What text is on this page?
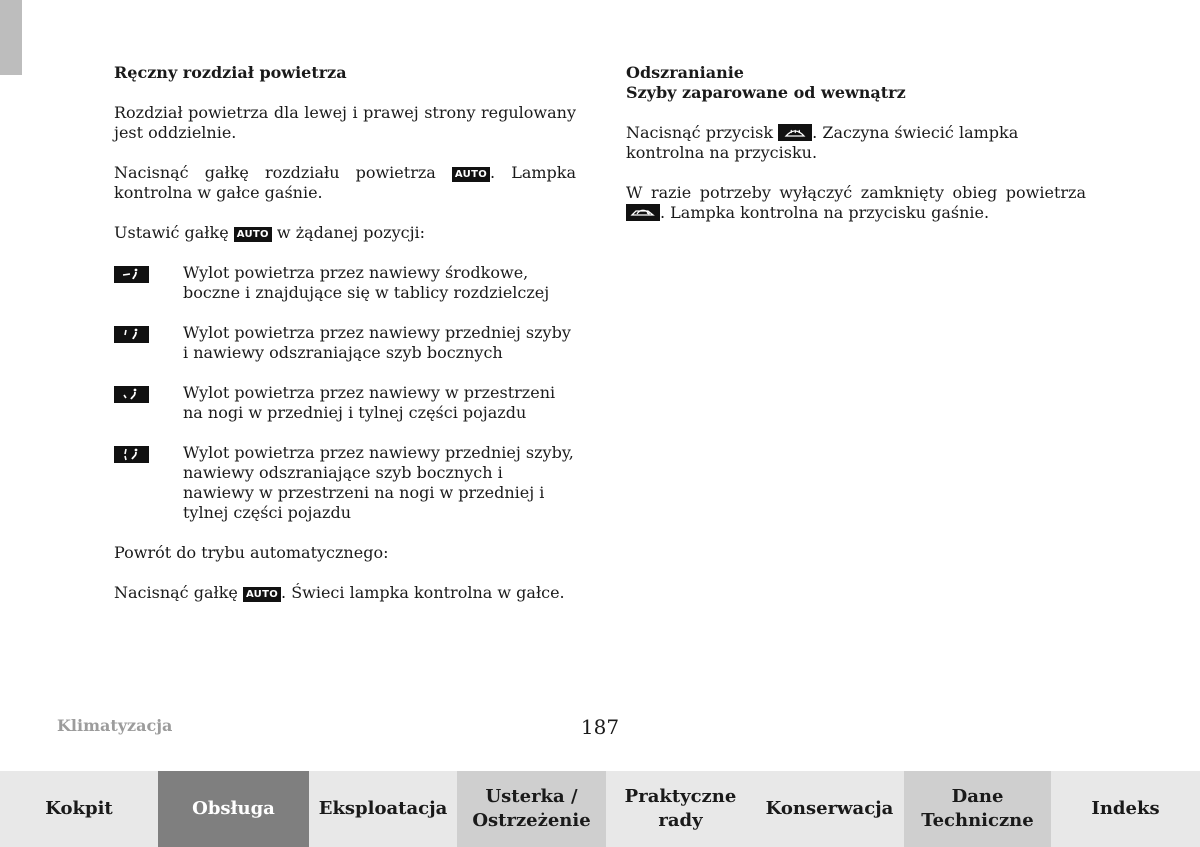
Ręczny rozdział powietrza

Rozdział powietrza dla lewej i prawej strony regulowany jest oddzielnie.

Nacisnąć gałkę rozdziału powietrza AUTO . Lampka kontrolna w gałce gaśnie.

Ustawić gałkę AUTO w żądanej pozycji:

Wylot powietrza przez nawiewy środkowe, boczne i znajdujące się w tablicy rozdzielczej
Wylot powietrza przez nawiewy przedniej szyby i nawiewy odszraniające szyb bocznych
Wylot powietrza przez nawiewy w przestrzeni na nogi w przedniej i tylnej części pojazdu
Wylot powietrza przez nawiewy przedniej szyby, nawiewy odszraniające szyb bocznych i nawiewy w przestrzeni na nogi w przedniej i tylnej części pojazdu

Powrót do trybu automatycznego:

Nacisnąć gałkę AUTO . Świeci lampka kontrolna w gałce.

Odszranianie

Szyby zaparowane od wewnątrz

Nacisnąć przycisk
. Zaczyna świecić lampka kontrolna na przycisku.

W razie potrzeby wyłączyć zamknięty obieg powietrza
. Lampka kontrolna na przycisku gaśnie.

Klimatyzacja	187
Kokpit	Obsługa Eksploatacja
Usterka /
Ostrzeżenie
Praktyczne
rady
Konserwacja
Dane
Techniczne
Indeks
